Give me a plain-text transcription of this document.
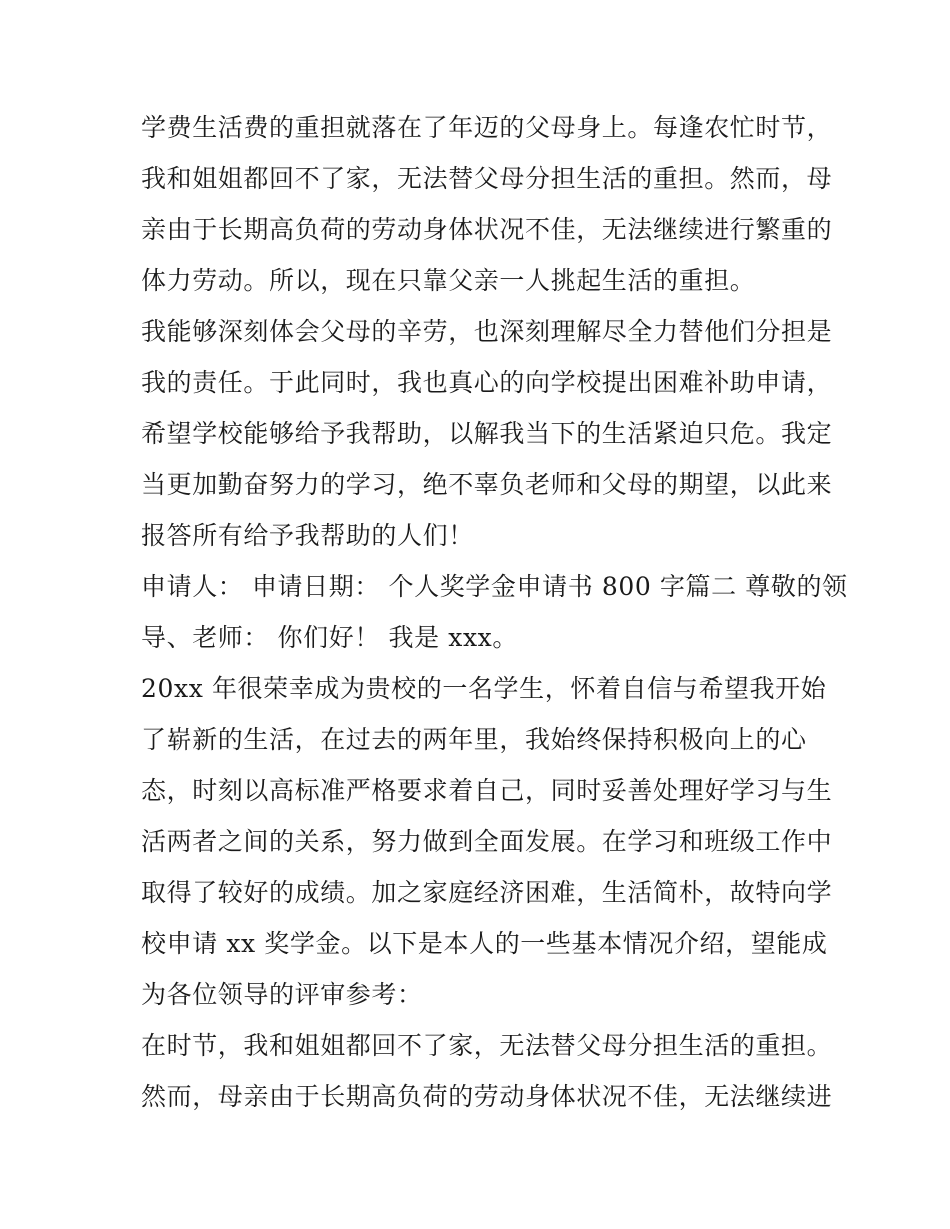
学费生活费的重担就落在了年迈的父母身上。每逢农忙时节，
我和姐姐都回不了家，无法替父母分担生活的重担。然而，母
亲由于长期高负荷的劳动身体状况不佳，无法继续进行繁重的
体力劳动。所以，现在只靠父亲一人挑起生活的重担。
我能够深刻体会父母的辛劳，也深刻理解尽全力替他们分担是
我的责任。于此同时，我也真心的向学校提出困难补助申请，
希望学校能够给予我帮助，以解我当下的生活紧迫只危。我定
当更加勤奋努力的学习，绝不辜负老师和父母的期望，以此来
报答所有给予我帮助的人们！
申请人： 申请日期： 个人奖学金申请书 800 字篇二 尊敬的领
导、老师： 你们好！ 我是 xxx。
20xx 年很荣幸成为贵校的一名学生，怀着自信与希望我开始
了崭新的生活，在过去的两年里，我始终保持积极向上的心
态，时刻以高标准严格要求着自己，同时妥善处理好学习与生
活两者之间的关系，努力做到全面发展。在学习和班级工作中
取得了较好的成绩。加之家庭经济困难，生活简朴，故特向学
校申请 xx 奖学金。以下是本人的一些基本情况介绍，望能成
为各位领导的评审参考：
在时节，我和姐姐都回不了家，无法替父母分担生活的重担。
然而，母亲由于长期高负荷的劳动身体状况不佳，无法继续进
